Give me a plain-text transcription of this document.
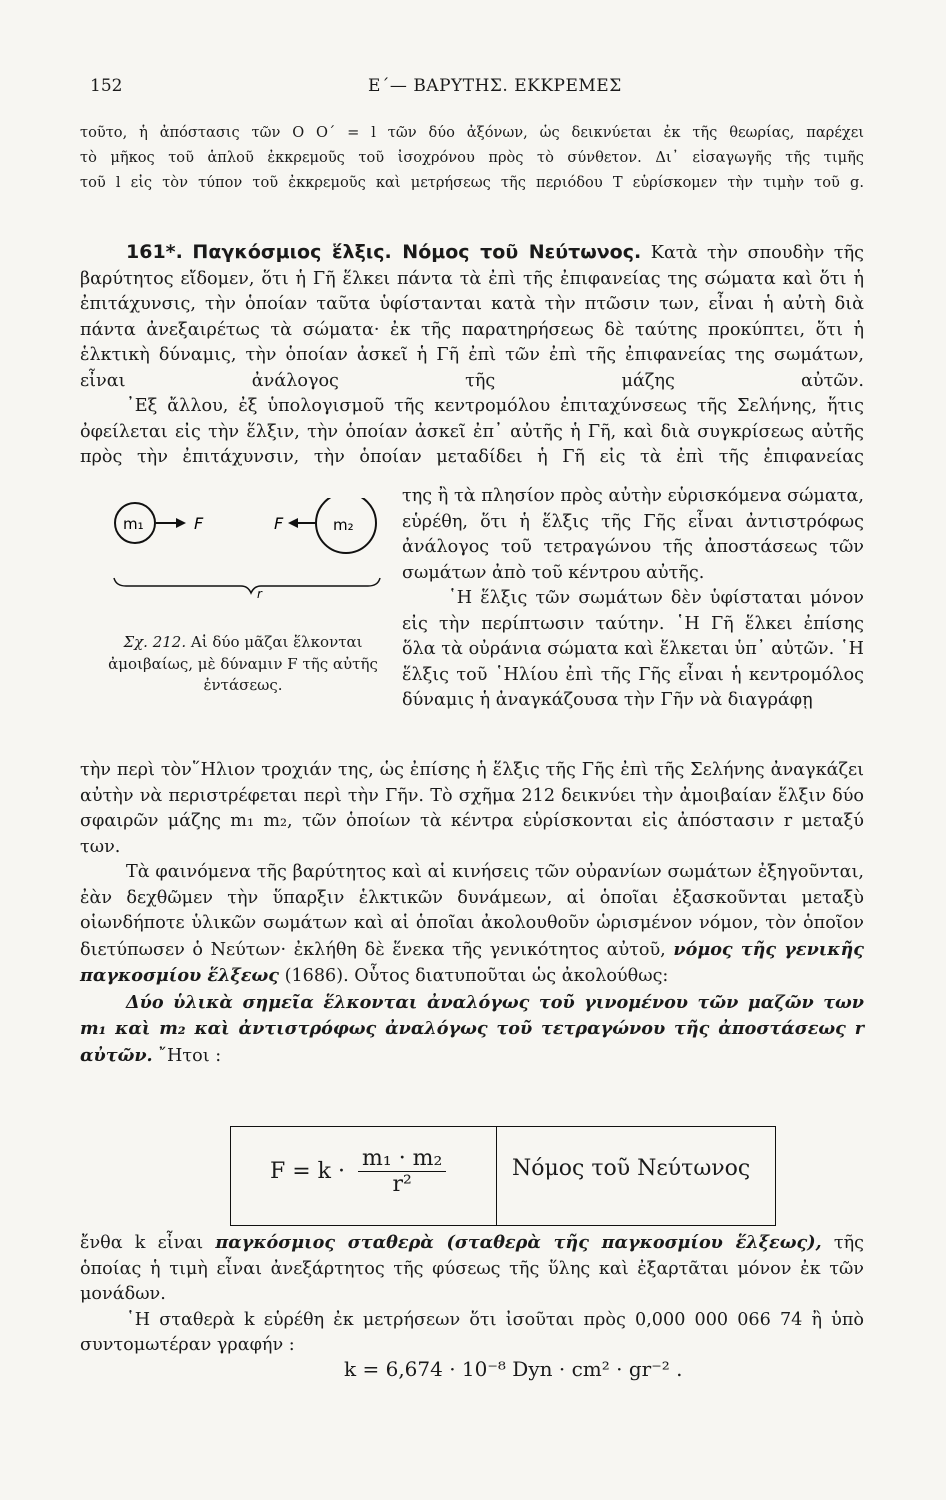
152	Ε΄— ΒΑΡΥΤΗΣ. ΕΚΚΡΕΜΕΣ

τοῦτο, ἡ ἀπόστασις τῶν Ο Ο΄ = l τῶν δύο ἀξόνων, ὡς δεικνύεται ἐκ τῆς θεωρίας, παρέχει

τὸ μῆκος τοῦ ἁπλοῦ ἐκκρεμοῦς τοῦ ἰσοχρόνου πρὸς τὸ σύνθετον. Δι᾽ εἰσαγωγῆς τῆς τιμῆς

τοῦ l εἰς τὸν τύπον τοῦ ἐκκρεμοῦς καὶ μετρήσεως τῆς περιόδου T εὑρίσκομεν τὴν τιμὴν τοῦ g.

161*. Παγκόσμιος ἕλξις. Νόμος τοῦ Νεύτωνος. Κατὰ τὴν σπουδὴν τῆς βαρύτητος εἴδομεν, ὅτι ἡ Γῆ ἕλκει πάντα τὰ ἐπὶ τῆς ἐπιφανείας της σώματα καὶ ὅτι ἡ ἐπιτάχυνσις, τὴν ὁποίαν ταῦτα ὑφίστανται κατὰ τὴν πτῶσιν των, εἶναι ἡ αὐτὴ διὰ πάντα ἀνεξαιρέτως τὰ σώματα· ἐκ τῆς παρατηρήσεως δὲ ταύτης προκύπτει, ὅτι ἡ ἑλκτικὴ δύναμις, τὴν ὁποίαν ἀσκεῖ ἡ Γῆ ἐπὶ τῶν ἐπὶ τῆς ἐπιφανείας της σωμάτων, εἶναι ἀνάλογος τῆς μάζης αὐτῶν.

᾽Εξ ἄλλου, ἐξ ὑπολογισμοῦ τῆς κεντρομόλου ἐπιταχύνσεως τῆς Σελήνης, ἥτις ὀφείλεται εἰς τὴν ἕλξιν, τὴν ὁποίαν ἀσκεῖ ἐπ᾽ αὐτῆς ἡ Γῆ, καὶ διὰ συγκρίσεως αὐτῆς πρὸς τὴν ἐπιτάχυνσιν, τὴν ὁποίαν μεταδίδει ἡ Γῆ εἰς τὰ ἐπὶ τῆς ἐπιφανείας

m₁	m₂
F	F
r
Σχ. 212. Αἱ δύο μᾶζαι ἕλκονται ἀμοιβαίως, μὲ δύναμιν F τῆς αὐτῆς ἐντάσεως.

της ἢ τὰ πλησίον πρὸς αὐτὴν εὑρισκόμενα σώματα, εὑρέθη, ὅτι ἡ ἕλξις τῆς Γῆς εἶναι ἀντιστρόφως ἀνάλογος τοῦ τετραγώνου τῆς ἀποστάσεως τῶν σωμάτων ἀπὸ τοῦ κέντρου αὐτῆς.

῾Η ἕλξις τῶν σωμάτων δὲν ὑφίσταται μόνον εἰς τὴν περίπτωσιν ταύτην. ῾Η Γῆ ἕλκει ἐπίσης ὅλα τὰ οὐράνια σώματα καὶ ἕλκεται ὑπ᾽ αὐτῶν. ῾Η ἕλξις τοῦ ῾Ηλίου ἐπὶ τῆς Γῆς εἶναι ἡ κεντρομόλος δύναμις ἡ ἀναγκάζουσα τὴν Γῆν νὰ διαγράφῃ

τὴν περὶ τὸν῞Ηλιον τροχιάν της, ὡς ἐπίσης ἡ ἕλξις τῆς Γῆς ἐπὶ τῆς Σελήνης ἀναγκάζει αὐτὴν νὰ περιστρέφεται περὶ τὴν Γῆν. Τὸ σχῆμα 212 δεικνύει τὴν ἀμοιβαίαν ἕλξιν δύο σφαιρῶν μάζης m₁ m₂, τῶν ὁποίων τὰ κέντρα εὑρίσκονται εἰς ἀπόστασιν r μεταξύ των.

Τὰ φαινόμενα τῆς βαρύτητος καὶ αἱ κινήσεις τῶν οὐρανίων σωμάτων ἐξηγοῦνται, ἐὰν δεχθῶμεν τὴν ὕπαρξιν ἑλκτικῶν δυνάμεων, αἱ ὁποῖαι ἐξασκοῦνται μεταξὺ οἱωνδήποτε ὑλικῶν σωμάτων καὶ αἱ ὁποῖαι ἀκολουθοῦν ὡρισμένον νόμον, τὸν ὁποῖον διετύπωσεν ὁ Νεύτων· ἐκλήθη δὲ ἕνεκα τῆς γενικότητος αὐτοῦ, νόμος τῆς γενικῆς παγκοσμίου ἕλξεως (1686). Οὗτος διατυποῦται ὡς ἀκολούθως:

Δύο ὑλικὰ σημεῖα ἕλκονται ἀναλόγως τοῦ γινομένου τῶν μαζῶν των m₁ καὶ m₂ καὶ ἀντιστρόφως ἀναλόγως τοῦ τετραγώνου τῆς ἀποστάσεως r αὐτῶν. ῎Ητοι :

$F = k \cdot \frac{\text{m₁ · m₂}}{\text{r²}}$	Νόμος τοῦ Νεύτωνος

ἔνθα k εἶναι παγκόσμιος σταθερὰ (σταθερὰ τῆς παγκοσμίου ἕλξεως), τῆς ὁποίας ἡ τιμὴ εἶναι ἀνεξάρτητος τῆς φύσεως τῆς ὕλης καὶ ἐξαρτᾶται μόνον ἐκ τῶν μονάδων.

῾Η σταθερὰ k εὑρέθη ἐκ μετρήσεων ὅτι ἰσοῦται πρὸς 0,000 000 066 74 ἢ ὑπὸ συντομωτέραν γραφήν :

k = 6,674 · 10⁻⁸ Dyn · cm² · gr⁻² .
